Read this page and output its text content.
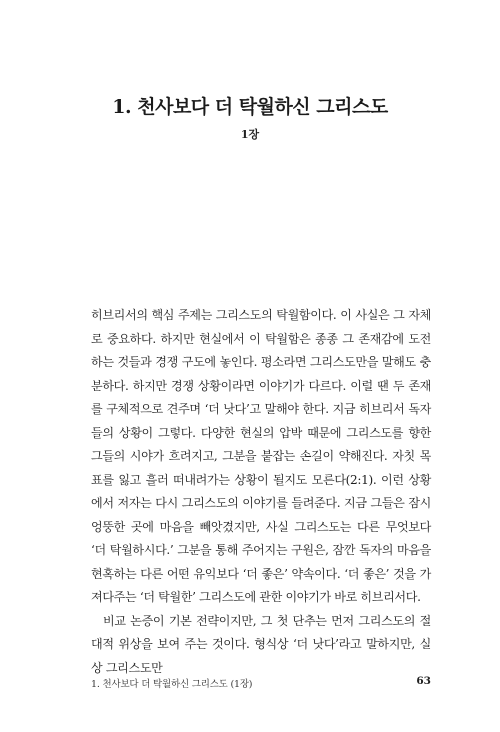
1. 천사보다 더 탁월하신 그리스도
1장

히브리서의 핵심 주제는 그리스도의 탁월함이다. 이 사실은 그 자체로 중요하다. 하지만 현실에서 이 탁월함은 종종 그 존재감에 도전하는 것들과 경쟁 구도에 놓인다. 평소라면 그리스도만을 말해도 충분하다. 하지만 경쟁 상황이라면 이야기가 다르다. 이럴 땐 두 존재를 구체적으로 견주며 ‘더 낫다’고 말해야 한다. 지금 히브리서 독자들의 상황이 그렇다. 다양한 현실의 압박 때문에 그리스도를 향한 그들의 시야가 흐려지고, 그분을 붙잡는 손길이 약해진다. 자칫 목표를 잃고 흘러 떠내려가는 상황이 될지도 모른다(2:1). 이런 상황에서 저자는 다시 그리스도의 이야기를 들려준다. 지금 그들은 잠시 엉뚱한 곳에 마음을 빼앗겼지만, 사실 그리스도는 다른 무엇보다 ‘더 탁월하시다.’ 그분을 통해 주어지는 구원은, 잠깐 독자의 마음을 현혹하는 다른 어떤 유익보다 ‘더 좋은’ 약속이다. ‘더 좋은’ 것을 가져다주는 ‘더 탁월한’ 그리스도에 관한 이야기가 바로 히브리서다.

비교 논증이 기본 전략이지만, 그 첫 단추는 먼저 그리스도의 절대적 위상을 보여 주는 것이다. 형식상 ‘더 낫다’라고 말하지만, 실상 그리스도만

1. 천사보다 더 탁월하신 그리스도 (1장)	63
